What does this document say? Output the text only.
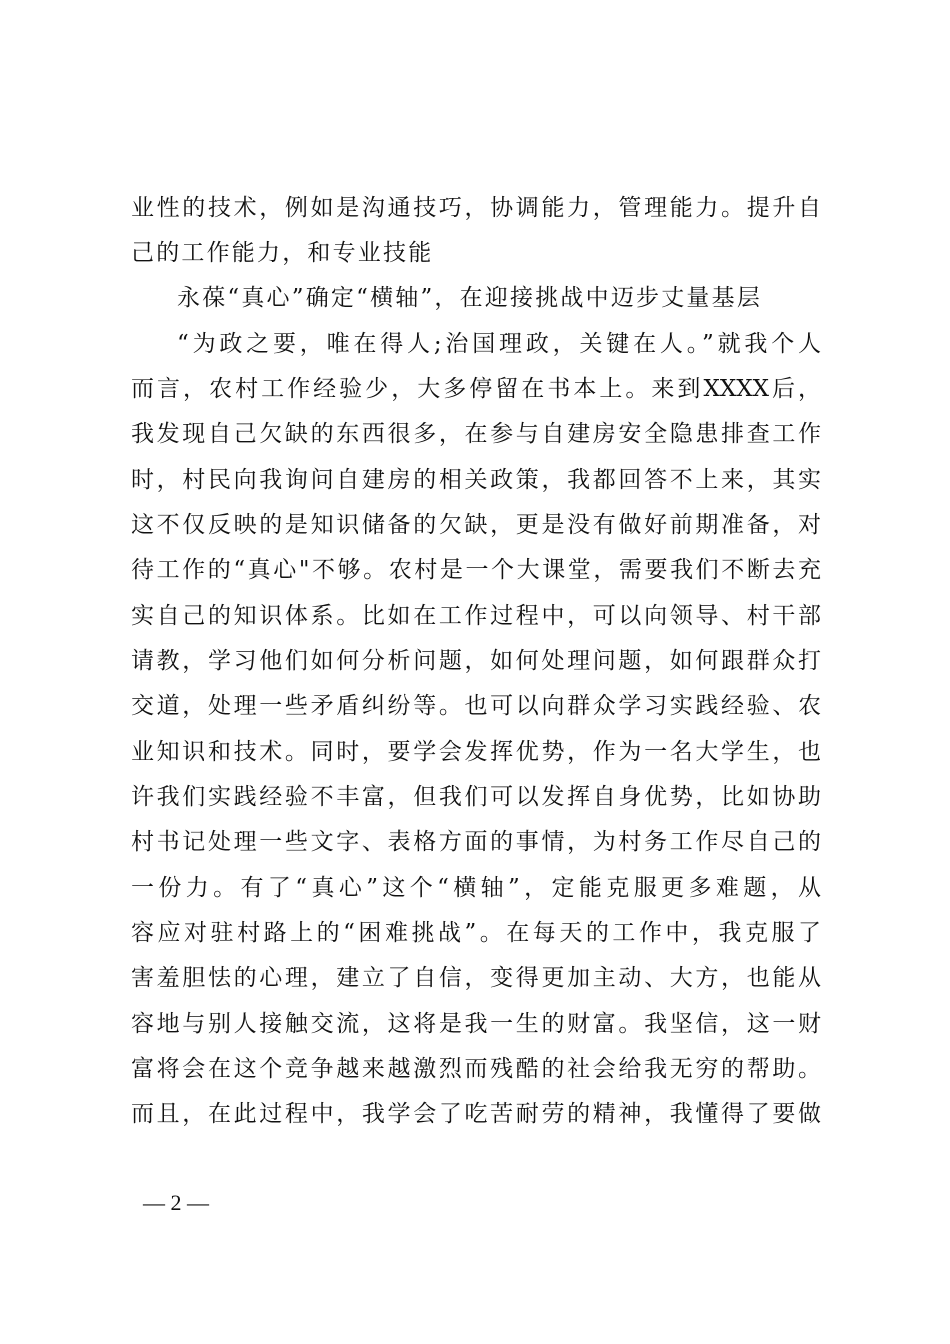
业性的技术，例如是沟通技巧，协调能力，管理能力。提升自
己的工作能力，和专业技能
永葆“真心”确定“横轴”，在迎接挑战中迈步丈量基层
“为政之要，唯在得人;治国理政，关键在人。”就我个人
而言，农村工作经验少，大多停留在书本上。来到XXXX后，
我发现自己欠缺的东西很多，在参与自建房安全隐患排查工作
时，村民向我询问自建房的相关政策，我都回答不上来，其实
这不仅反映的是知识储备的欠缺，更是没有做好前期准备，对
待工作的“真心"不够。农村是一个大课堂，需要我们不断去充
实自己的知识体系。比如在工作过程中，可以向领导、村干部
请教，学习他们如何分析问题，如何处理问题，如何跟群众打
交道，处理一些矛盾纠纷等。也可以向群众学习实践经验、农
业知识和技术。同时，要学会发挥优势，作为一名大学生，也
许我们实践经验不丰富，但我们可以发挥自身优势，比如协助
村书记处理一些文字、表格方面的事情，为村务工作尽自己的
一份力。有了“真心”这个“横轴”，定能克服更多难题，从
容应对驻村路上的“困难挑战”。在每天的工作中，我克服了
害羞胆怯的心理，建立了自信，变得更加主动、大方，也能从
容地与别人接触交流，这将是我一生的财富。我坚信，这一财
富将会在这个竞争越来越激烈而残酷的社会给我无穷的帮助。
而且，在此过程中，我学会了吃苦耐劳的精神，我懂得了要做
— 2 —
